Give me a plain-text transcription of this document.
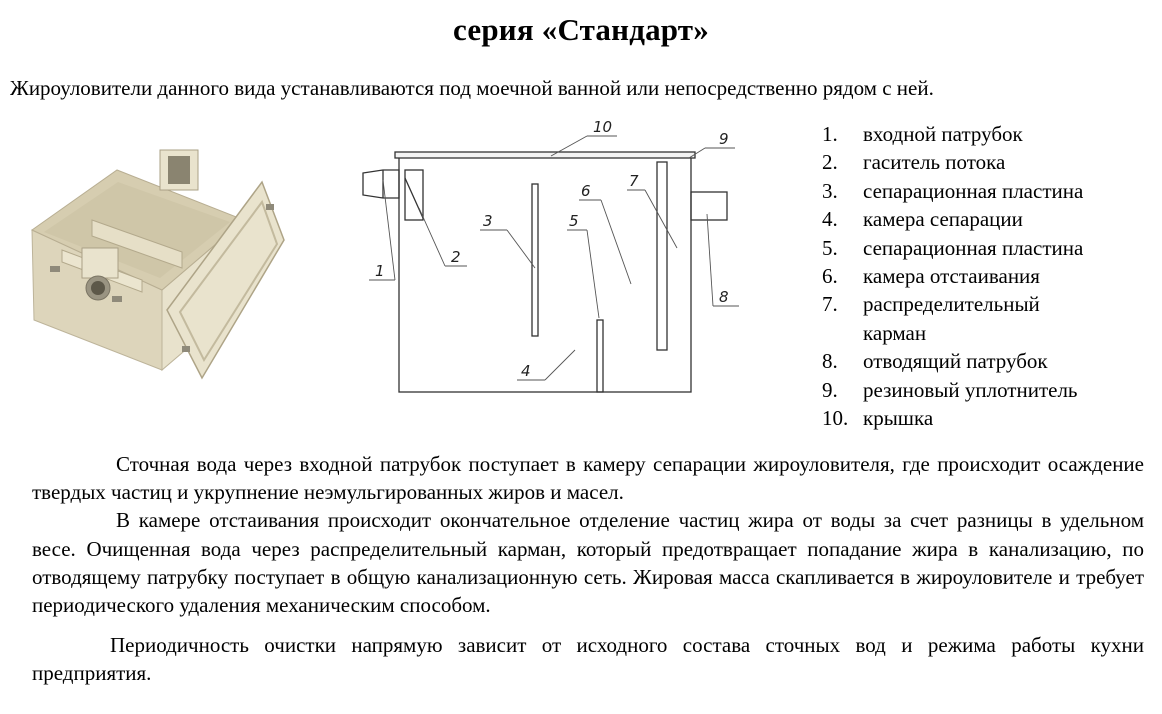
серия «Стандарт»
Жироуловители данного вида устанавливаются под моечной ванной или непосредственно рядом с ней.
1
2
3
4
5
6
7
8
9
10	1.	входной патрубок
2.	гаситель потока
3.	сепарационная пластина
4.	камера сепарации
5.	сепарационная пластина
6.	камера отстаивания
7.	распределительный карман
8.	отводящий патрубок
9.	резиновый уплотнитель
10. крышка

Сточная вода через входной патрубок поступает в камеру сепарации жироуловителя, где происходит осаждение твердых частиц и укрупнение неэмульгированных жиров и масел.

В камере отстаивания происходит окончательное отделение частиц жира от воды за счет разницы в удельном весе. Очищенная вода через распределительный карман, который предотвращает попадание жира в канализацию, по отводящему патрубку поступает в общую канализационную сеть. Жировая масса скапливается в жироуловителе и требует периодического удаления механическим способом.

Периодичность очистки напрямую зависит от исходного состава сточных вод и режима работы кухни предприятия.
